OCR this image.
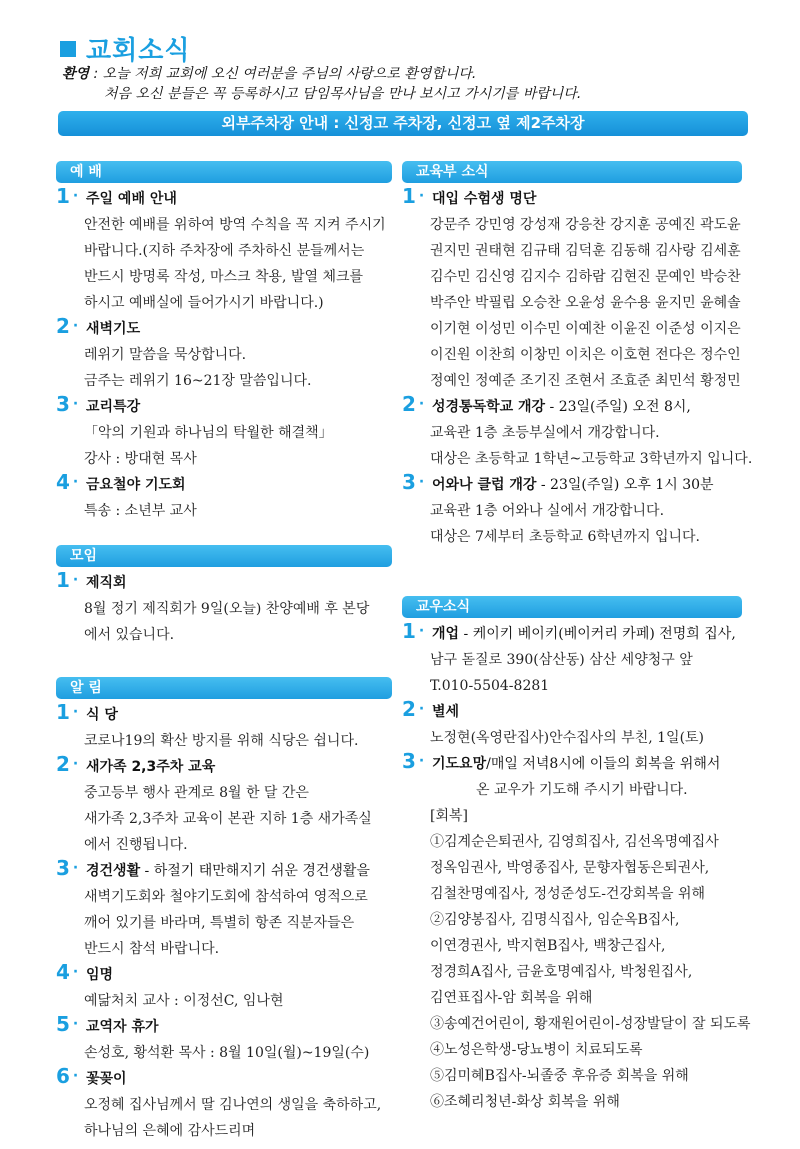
교회소식
환영 : 오늘 저희 교회에 오신 여러분을 주님의 사랑으로 환영합니다.
처음 오신 분들은 꼭 등록하시고 담임목사님을 만나 보시고 가시기를 바랍니다.
외부주차장 안내 : 신정고 주차장, 신정고 옆 제2주차장
예 배
1 ·	주일 예배 안내
안전한 예배를 위하여 방역 수칙을 꼭 지켜 주시기
바랍니다.(지하 주차장에 주차하신 분들께서는
반드시 방명록 작성, 마스크 착용, 발열 체크를
하시고 예배실에 들어가시기 바랍니다.)
2 ·	새벽기도
레위기 말씀을 묵상합니다.
금주는 레위기 16~21장 말씀입니다.
3 ·	교리특강
「악의 기원과 하나님의 탁월한 해결책」
강사 : 방대현 목사
4 ·	금요철야 기도회
특송 : 소년부 교사
모임
1 ·	제직회
8월 정기 제직회가 9일(오늘) 찬양예배 후 본당
에서 있습니다.
알 림
1 ·	식 당
코로나19의 확산 방지를 위해 식당은 쉽니다.
2 ·	새가족 2,3주차 교육
중고등부 행사 관계로 8월 한 달 간은
새가족 2,3주차 교육이 본관 지하 1층 새가족실
에서 진행됩니다.
3 ·	경건생활 - 하절기 태만해지기 쉬운 경건생활을
새벽기도회와 철야기도회에 참석하여 영적으로
깨어 있기를 바라며, 특별히 항존 직분자들은
반드시 참석 바랍니다.
4 ·	임명
예닮처치 교사 : 이정선C, 임나현
5 ·	교역자 휴가
손성호, 황석환 목사 : 8월 10일(월)~19일(수)
6 ·	꽃꽂이
오정혜 집사님께서 딸 김나연의 생일을 축하하고,
하나님의 은혜에 감사드리며
교육부 소식
1 ·	대입 수험생 명단
강문주 강민영 강성재 강응찬 강지훈 공예진 곽도윤
권지민 권태현 김규태 김덕훈 김동해 김사랑 김세훈
김수민 김신영 김지수 김하람 김현진 문예인 박승찬
박주안 박필립 오승찬 오윤성 윤수용 윤지민 윤혜솔
이기현 이성민 이수민 이예찬 이윤진 이준성 이지은
이진원 이찬희 이창민 이치은 이호현 전다은 정수인
정예인 정예준 조기진 조현서 조효준 최민석 황정민
2 ·	성경통독학교 개강 - 23일(주일) 오전 8시,
교육관 1층 초등부실에서 개강합니다.
대상은 초등학교 1학년~고등학교 3학년까지 입니다.
3 ·	어와나 클럽 개강 - 23일(주일) 오후 1시 30분
교육관 1층 어와나 실에서 개강합니다.
대상은 7세부터 초등학교 6학년까지 입니다.
교우소식
1 ·	개업 - 케이키 베이키(베이커리 카페) 전명희 집사,
남구 돋질로 390(삼산동) 삼산 세양청구 앞
T.010-5504-8281
2 ·	별세
노정현(옥영란집사)안수집사의 부친, 1일(토)
3 ·	기도요망/매일 저녁8시에 이들의 회복을 위해서
온 교우가 기도해 주시기 바랍니다.
[회복]
①김계순은퇴권사, 김영희집사, 김선옥명예집사
정옥임권사, 박영종집사, 문향자협동은퇴권사,
김철찬명예집사, 정성준성도-건강회복을 위해
②김양봉집사, 김명식집사, 임순옥B집사,
이연경권사, 박지현B집사, 백창근집사,
정경희A집사, 금윤호명예집사, 박청원집사,
김연표집사-암 회복을 위해
③송예건어린이, 황재원어린이-성장발달이 잘 되도록
④노성은학생-당뇨병이 치료되도록
⑤김미혜B집사-뇌졸중 후유증 회복을 위해
⑥조혜리청년-화상 회복을 위해
